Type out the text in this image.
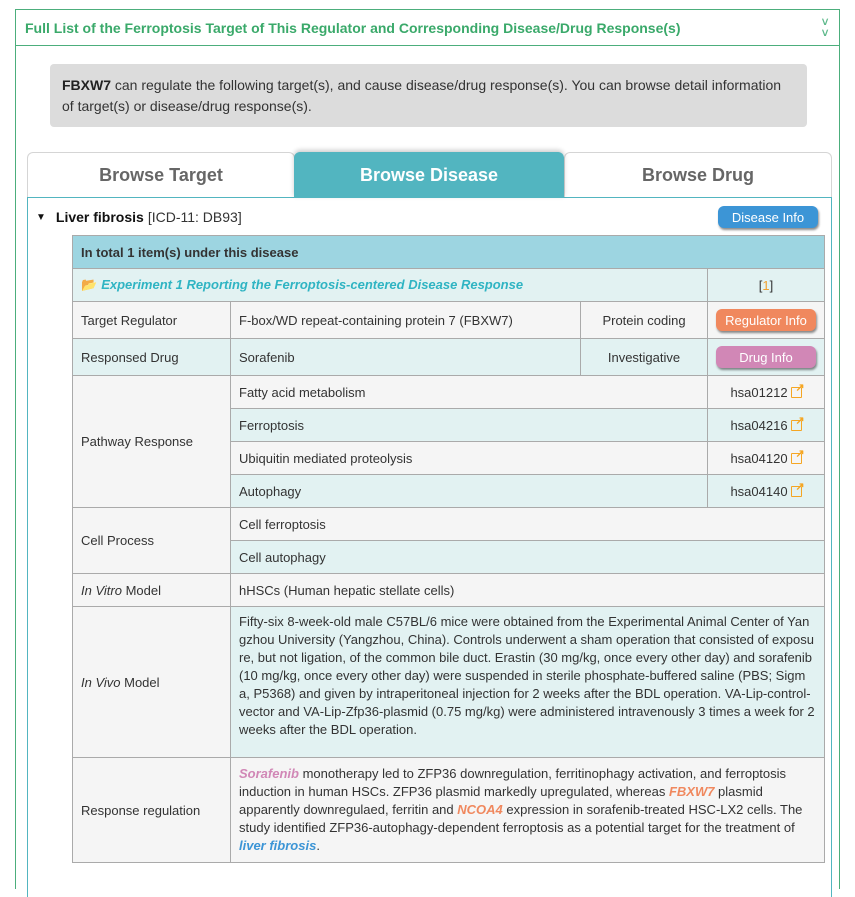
Full List of the Ferroptosis Target of This Regulator and Corresponding Disease/Drug Response(s)	∨
∨
FBXW7 can regulate the following target(s), and cause disease/drug response(s). You can browse detail information of target(s) or disease/drug response(s).
Browse Target	Browse Disease	Browse Drug
▼ Liver fibrosis [ICD-11: DB93]	Disease Info
In total 1 item(s) under this disease			
📂 Experiment 1 Reporting the Ferroptosis-centered Disease Response			[1]
Target Regulator	F-box/WD repeat-containing protein 7 (FBXW7)	Protein coding	Regulator Info
Responsed Drug	Sorafenib	Investigative	Drug Info
Pathway Response	Fatty acid metabolism		hsa01212↗
	Ferroptosis		hsa04216↗
	Ubiquitin mediated proteolysis		hsa04120↗
	Autophagy		hsa04140↗
Cell Process	Cell ferroptosis		
	Cell autophagy		
In Vitro Model	hHSCs (Human hepatic stellate cells)		
In Vivo Model	Fifty-six 8-week-old male C57BL/6 mice were obtained from the Experimental Animal Center of Yangzhou University (Yangzhou, China). Controls underwent a sham operation that consisted of exposure, but not ligation, of the common bile duct. Erastin (30 mg/kg, once every other day) and sorafenib (10 mg/kg, once every other day) were suspended in sterile phosphate-buffered saline (PBS; Sigma, P5368) and given by intraperitoneal injection for 2 weeks after the BDL operation. VA-Lip-control-vector and VA-Lip-Zfp36-plasmid (0.75 mg/kg) were administered intravenously 3 times a week for 2 weeks after the BDL operation.		
Response regulation	Sorafenib monotherapy led to ZFP36 downregulation, ferritinophagy activation, and ferroptosis induction in human HSCs. ZFP36 plasmid markedly upregulated, whereas FBXW7 plasmid apparently downregulaed, ferritin and NCOA4 expression in sorafenib-treated HSC-LX2 cells. The study identified ZFP36-autophagy-dependent ferroptosis as a potential target for the treatment of liver fibrosis.		
